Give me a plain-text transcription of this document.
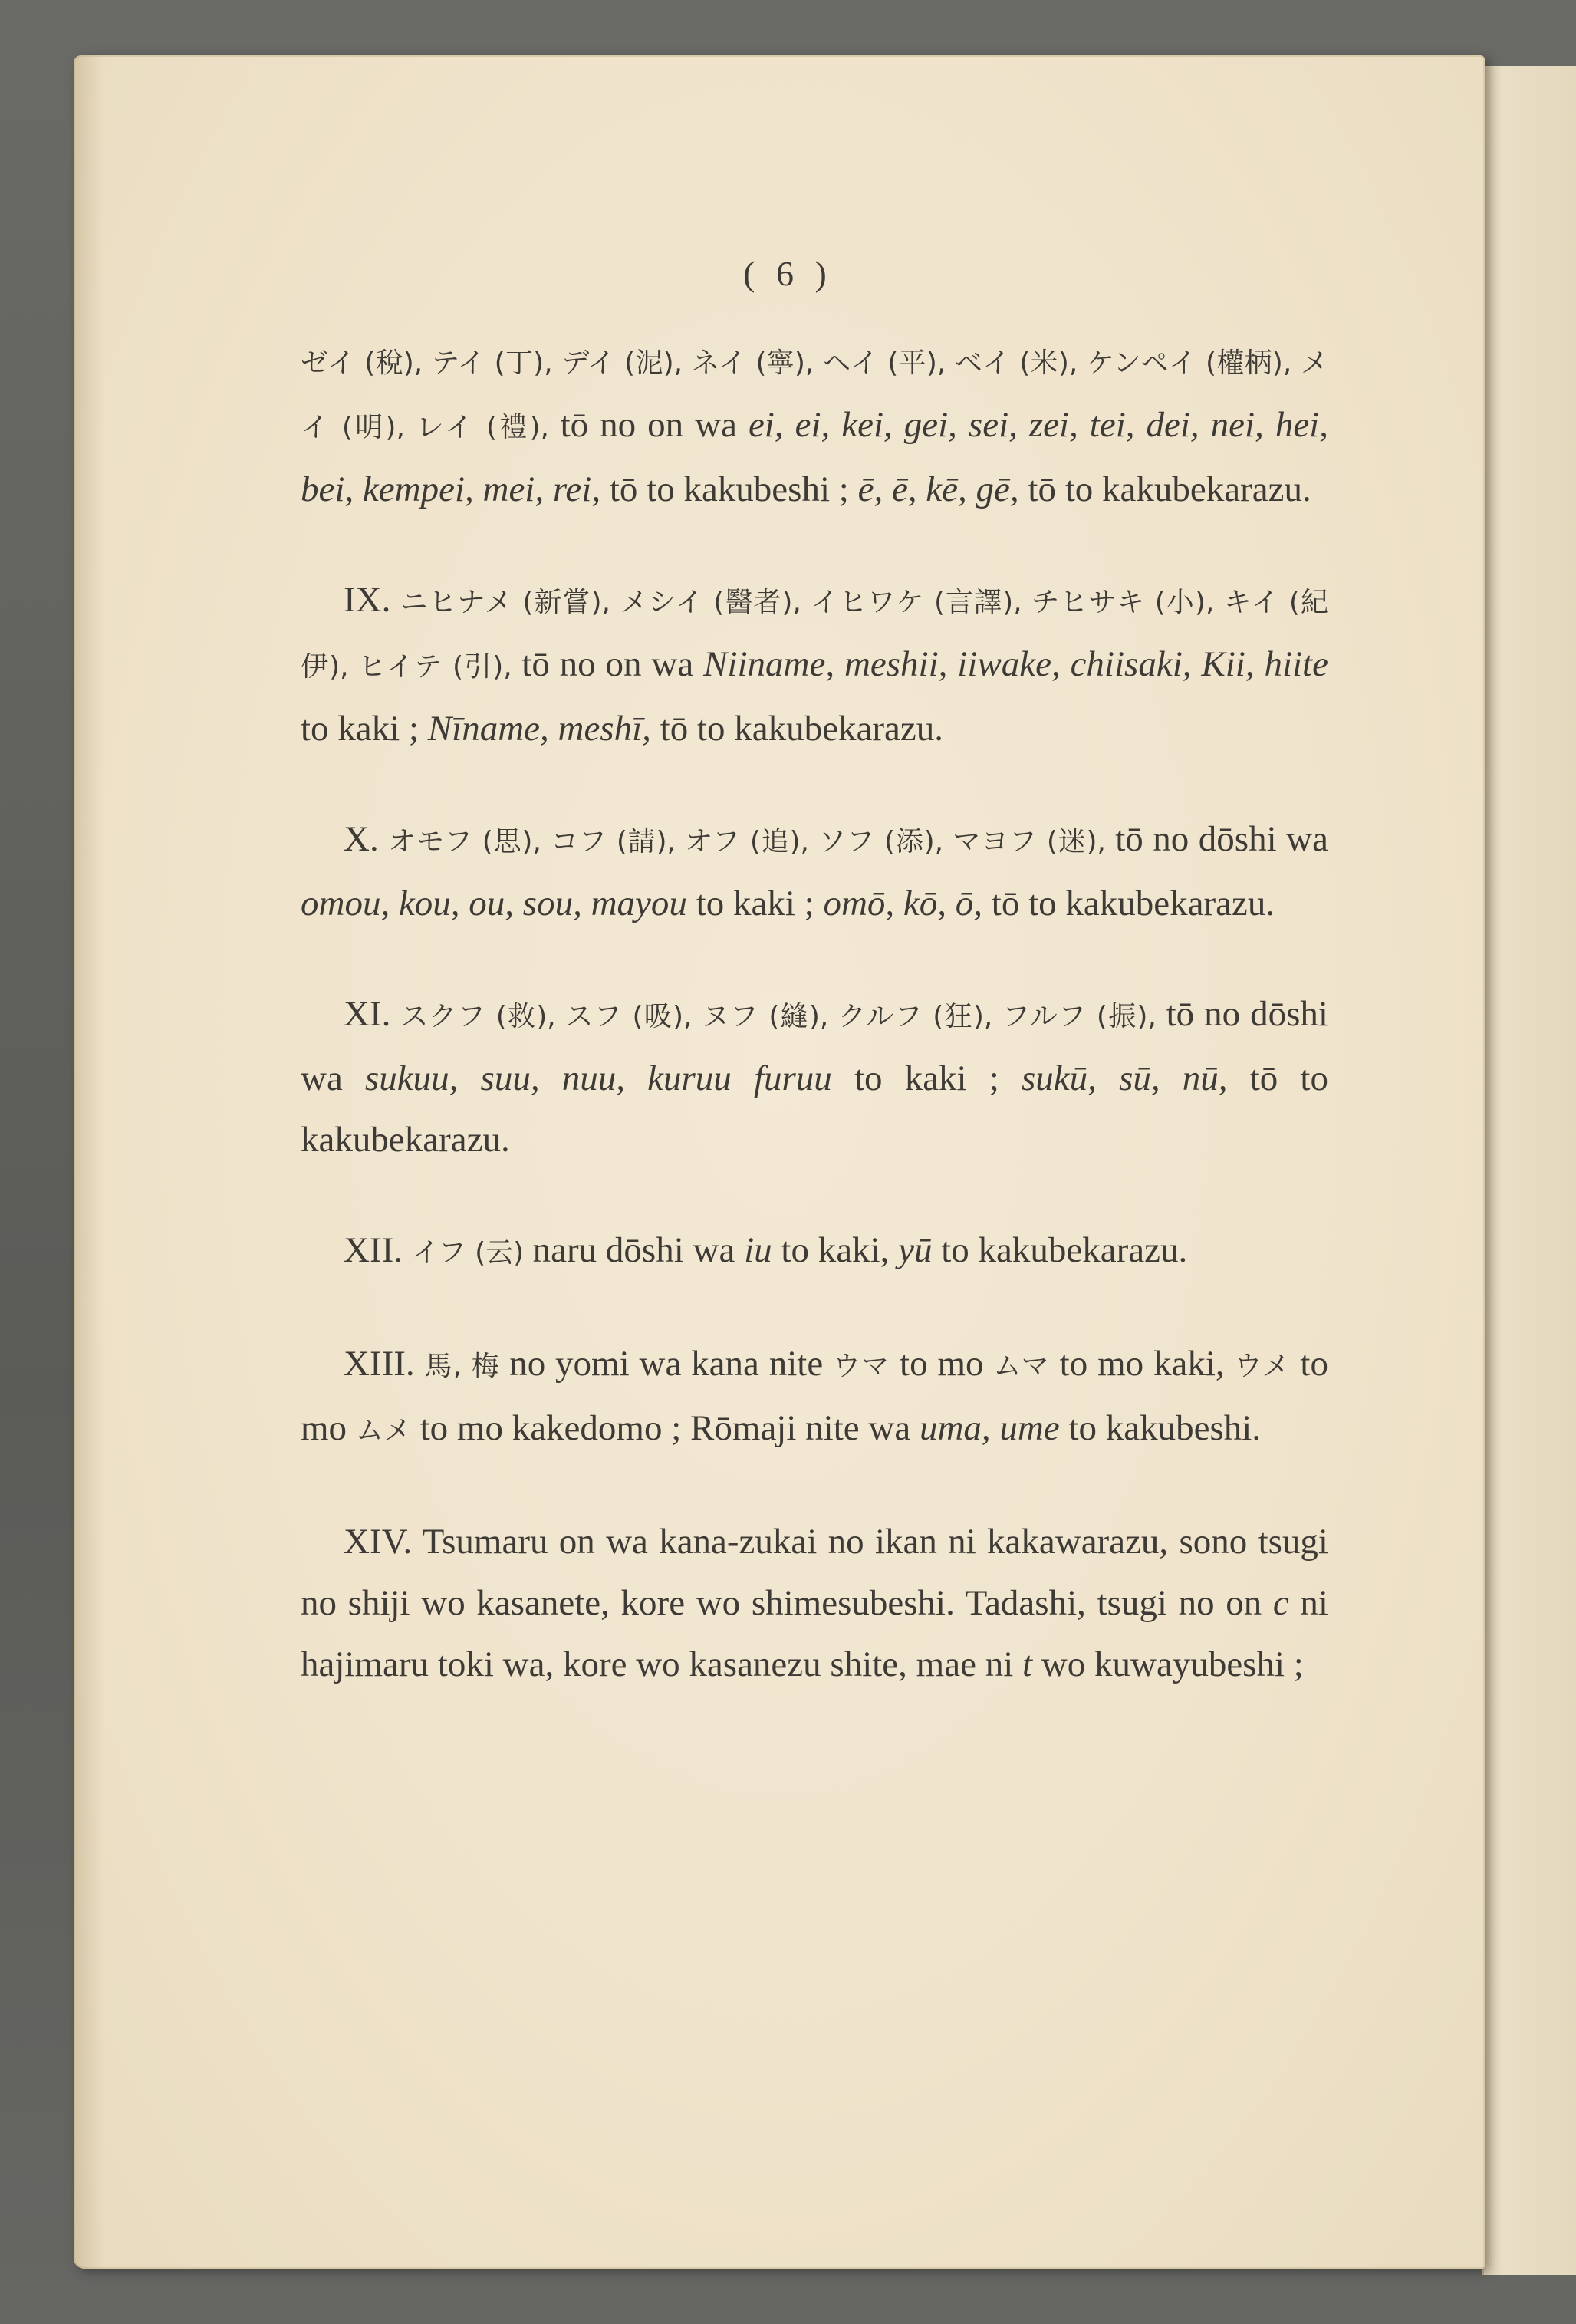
( 6 )

ゼイ (稅), テイ (丁), デイ (泥), ネイ (寧), ヘイ (平), ベイ (米), ケンペイ (權柄), メイ (明), レイ (禮), tō no on wa ei, ei, kei, gei, sei, zei, tei, dei, nei, hei, bei, kempei, mei, rei, tō to kakubeshi ; ē, ē, kē, gē, tō to kakubekarazu.

IX. ニヒナメ (新嘗), メシイ (醫者), イヒワケ (言譯), チヒサキ (小), キイ (紀伊), ヒイテ (引), tō no on wa Niiname, meshii, iiwake, chiisaki, Kii, hiite to kaki ; Nīname, meshī, tō to kakubekarazu.

X. オモフ (思), コフ (請), オフ (追), ソフ (添), マヨフ (迷), tō no dōshi wa omou, kou, ou, sou, mayou to kaki ; omō, kō, ō, tō to kakubekarazu.

XI. スクフ (救), スフ (吸), ヌフ (縫), クルフ (狂), フルフ (振), tō no dōshi wa sukuu, suu, nuu, kuruu furuu to kaki ; sukū, sū, nū, tō to kakubekarazu.

XII. イフ (云) naru dōshi wa iu to kaki, yū to kakubekarazu.

XIII. 馬, 梅 no yomi wa kana nite ウマ to mo ムマ to mo kaki, ウメ to mo ムメ to mo kakedomo ; Rōmaji nite wa uma, ume to kakubeshi.

XIV. Tsumaru on wa kana-zukai no ikan ni kakawarazu, sono tsugi no shiji wo kasanete, kore wo shimesubeshi. Tadashi, tsugi no on c ni hajimaru toki wa, kore wo kasanezu shite, mae ni t wo kuwayubeshi ;
